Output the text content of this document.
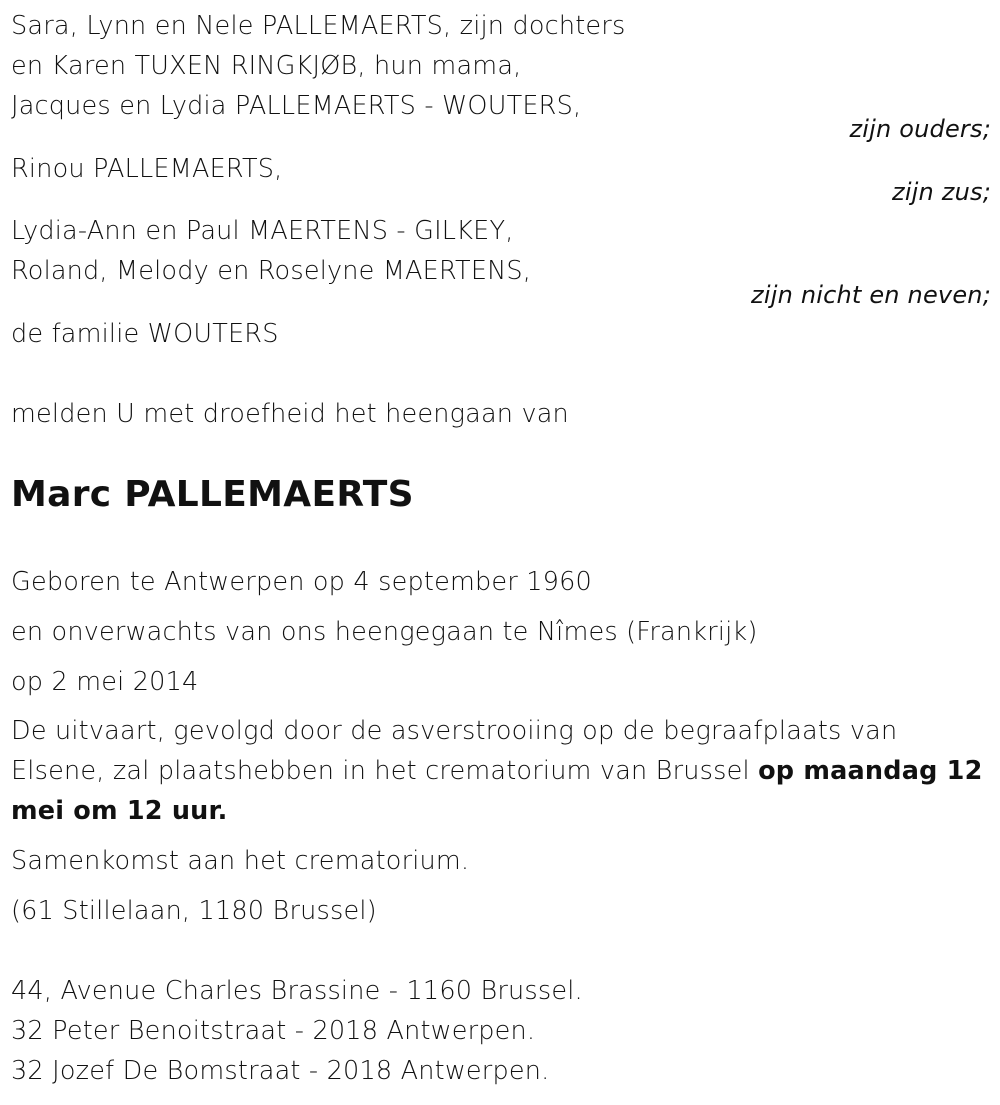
Sara, Lynn en Nele PALLEMAERTS, zijn dochters
en Karen TUXEN RINGKJØB, hun mama,
Jacques en Lydia PALLEMAERTS - WOUTERS,
zijn ouders;
Rinou PALLEMAERTS,
zijn zus;
Lydia-Ann en Paul MAERTENS - GILKEY,
Roland, Melody en Roselyne MAERTENS,
zijn nicht en neven;
de familie WOUTERS
melden U met droefheid het heengaan van
Marc PALLEMAERTS
Geboren te Antwerpen op 4 september 1960
en onverwachts van ons heengegaan te Nîmes (Frankrijk)
op 2 mei 2014
De uitvaart, gevolgd door de asverstrooiing op de begraafplaats van Elsene, zal plaatshebben in het crematorium van Brussel op maandag 12 mei om 12 uur.
Samenkomst aan het crematorium.
(61 Stillelaan, 1180 Brussel)
44, Avenue Charles Brassine - 1160 Brussel.
32 Peter Benoitstraat - 2018 Antwerpen.
32 Jozef De Bomstraat - 2018 Antwerpen.
